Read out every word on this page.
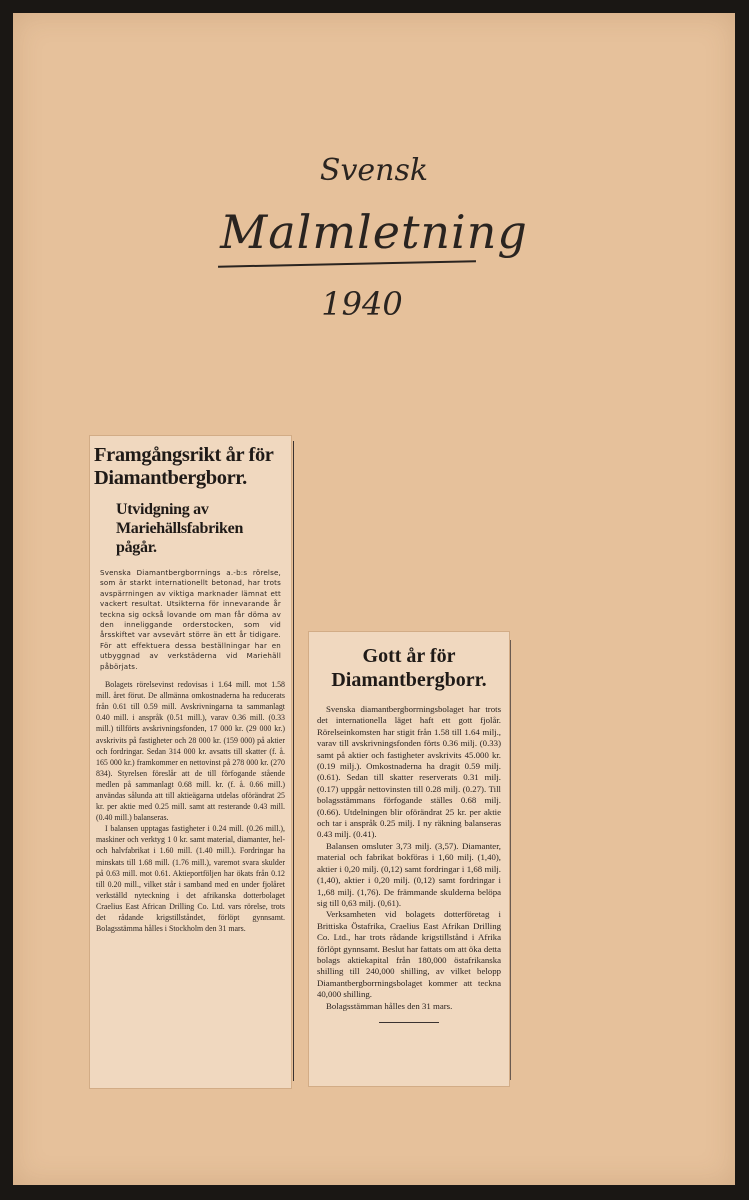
Svensk
Malmletning
1940
Framgångsrikt år för Diamantbergborr.
Utvidgning av Mariehällsfabriken pågår.

Svenska Diamantbergborrnings a.-b:s rörelse, som är starkt internationellt betonad, har trots avspärrningen av viktiga marknader lämnat ett vackert resultat. Utsikterna för innevarande år tecknа sig också lovande om man får döma av den inneliggande orderstocken, som vid årsskiftet var avsevärt större än ett år tidigare. För att effektuera dessa beställningar har en utbyggnad av verkstäderna vid Mariehäll påbörjats.

Bolagets rörelsevinst redovisas i 1.64 mill. mot 1.58 mill. året förut. De allmänna omkostnaderna ha reducerats från 0.61 till 0.59 mill. Avskrivningarna ta sammanlagt 0.40 mill. i anspråk (0.51 mill.), varav 0.36 mill. (0.33 mill.) tillförts avskrivningsfonden, 17 000 kr. (29 000 kr.) avskrivits på fastigheter och 28 000 kr. (159 000) på aktier och fordringar. Sedan 314 000 kr. avsatts till skatter (f. å. 165 000 kr.) framkommer en nettovinst på 278 000 kr. (270 834). Styrelsen föreslår att de till förfogande stående medlen på sammanlagt 0.68 mill. kr. (f. å. 0.66 mill.) användas sålunda att till aktieägarna utdelas oförändrat 25 kr. per aktie med 0.25 mill. samt att resterande 0.43 mill. (0.40 mill.) balanseras.

I balansen upptagas fastigheter i 0.24 mill. (0.26 mill.), maskiner och verktyg 1 0 kr. samt material, diamanter, hel- och halvfabrikat i 1.60 mill. (1.40 mill.). Fordringar ha minskats till 1.68 mill. (1.76 mill.), varemot svara skulder på 0.63 mill. mot 0.61. Aktieportföljen har ökats från 0.12 till 0.20 mill., vilket står i samband med en under fjolåret verkställd nyteckning i det afrikanska dotterbolaget Craelius East African Drilling Co. Ltd. vars rörelse, trots det rådande krigstillståndet, förlöpt gynnsamt. Bolagsstämma hålles i Stockholm den 31 mars.

Gott år för Diamantbergborr.

Svenska diamantbergborrningsbolaget har trots det internationella läget haft ett gott fjolår. Rörelseinkomsten har stigit från 1.58 till 1.64 milj., varav till avskrivningsfonden förts 0.36 milj. (0.33) samt på aktier och fastigheter avskrivits 45.000 kr. (0.19 milj.). Omkostnaderna ha dragit 0.59 milj. (0.61). Sedan till skatter reserverats 0.31 milj. (0.17) uppgår nettovinsten till 0.28 milj. (0.27). Till bolagsstämmans förfogande ställes 0.68 milj. (0.66). Utdelningen blir oförändrat 25 kr. per aktie och tar i anspråk 0.25 milj. I ny räkning balanseras 0.43 milj. (0.41).

Balansen omsluter 3,73 milj. (3,57). Diamanter, material och fabrikat bokföras i 1,60 milj. (1,40), aktier i 0,20 milj. (0,12) samt fordringar i 1,68 milj. (1,40), aktier i 0,20 milj. (0,12) samt fordringar i 1,,68 milj. (1,76). De främmande skulderna belöpa sig till 0,63 milj. (0,61).

Verksamheten vid bolagets dotterföretag i Brittiska Östafrika, Craelius East Afrikan Drilling Co. Ltd., har trots rådande krigstillstånd i Afrika förlöpt gynnsamt. Beslut har fattats om att öka detta bolags aktiekapital från 180,000 östafrikanska shilling till 240,000 shilling, av vilket belopp Diamantbergborrningsbolaget kommer att teckna 40,000 shilling.

Bolagsstämman hålles den 31 mars.
